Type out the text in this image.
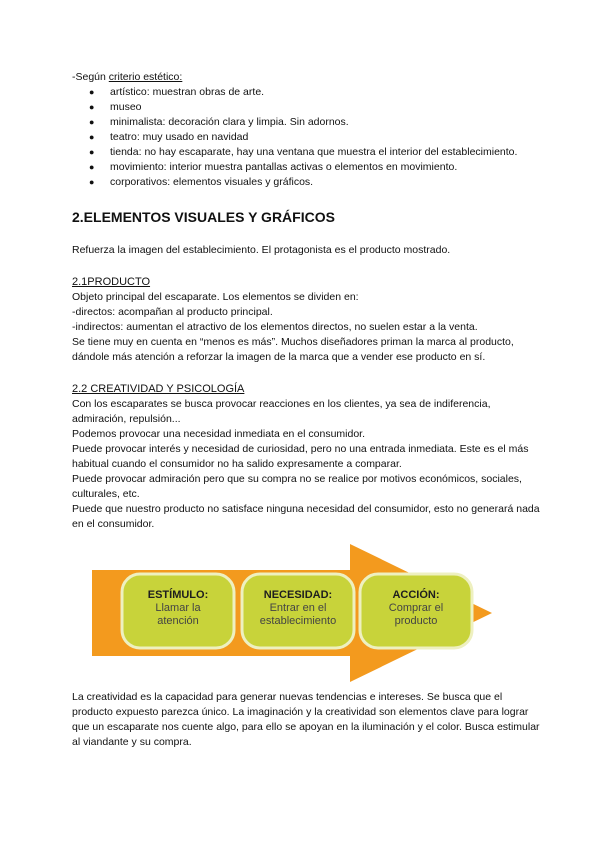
-Según criterio estético:

● artístico: muestran obras de arte.
● museo
● minimalista: decoración clara y limpia. Sin adornos.
● teatro: muy usado en navidad
● tienda: no hay escaparate, hay una ventana que muestra el interior del establecimiento.
● movimiento: interior muestra pantallas activas o elementos en movimiento.
● corporativos: elementos visuales y gráficos.
2.ELEMENTOS VISUALES Y GRÁFICOS

Refuerza la imagen del establecimiento. El protagonista es el producto mostrado.

2.1PRODUCTO

Objeto principal del escaparate. Los elementos se dividen en:

-directos: acompañan al producto principal.

-indirectos: aumentan el atractivo de los elementos directos, no suelen estar a la venta.

Se tiene muy en cuenta en “menos es más”. Muchos diseñadores priman la marca al producto, dándole más atención a reforzar la imagen de la marca que a vender ese producto en sí.

2.2 CREATIVIDAD Y PSICOLOGÍA

Con los escaparates se busca provocar reacciones en los clientes, ya sea de indiferencia, admiración, repulsión...

Podemos provocar una necesidad inmediata en el consumidor.

Puede provocar interés y necesidad de curiosidad, pero no una entrada inmediata. Este es el más habitual cuando el consumidor no ha salido expresamente a comparar.

Puede provocar admiración pero que su compra no se realice por motivos económicos, sociales, culturales, etc.

Puede que nuestro producto no satisface ninguna necesidad del consumidor, esto no generará nada en el consumidor.

ESTÍMULO:
Llamar la
atención
NECESIDAD:
Entrar en el
establecimiento
ACCIÓN:
Comprar el
producto

La creatividad es la capacidad para generar nuevas tendencias e intereses. Se busca que el producto expuesto parezca único. La imaginación y la creatividad son elementos clave para lograr que un escaparate nos cuente algo, para ello se apoyan en la iluminación y el color. Busca estimular al viandante y su compra.
